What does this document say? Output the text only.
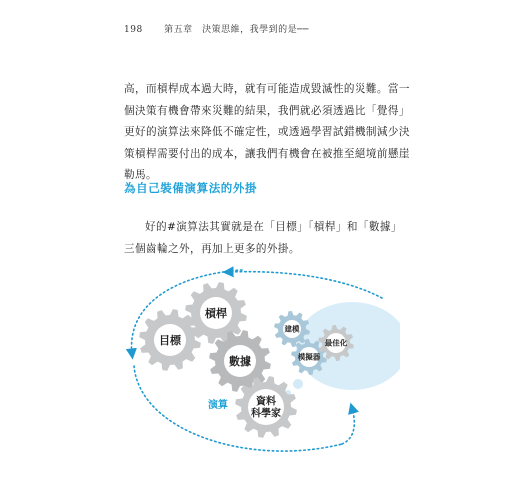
198 第五章　決策思維，我學到的是──
高，而槓桿成本過大時，就有可能造成毀滅性的災難。當一
個決策有機會帶來災難的結果，我們就必須透過比「覺得」
更好的演算法來降低不確定性，或透過學習試錯機制減少決
策槓桿需要付出的成本，讓我們有機會在被推至絕境前懸崖
勒馬。
為自己裝備演算法的外掛
好的#演算法其實就是在「目標」「槓桿」和「數據」
三個齒輪之外，再加上更多的外掛。
目標
槓桿
數據
資料
科學家
建模
模擬器
最佳化
演算
